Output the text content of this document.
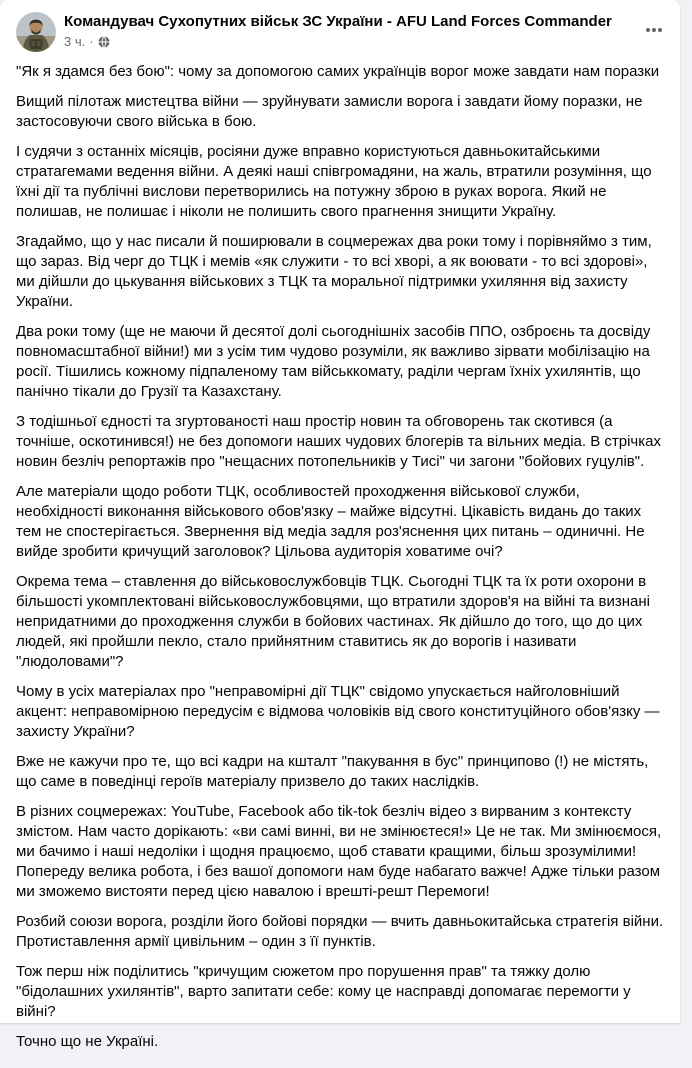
Командувач Сухопутних військ ЗС України - AFU Land Forces Commander
3 ч. ·

"Як я здамся без бою": чому за допомогою самих українців ворог може завдати нам поразки

Вищий пілотаж мистецтва війни — зруйнувати замисли ворога і завдати йому поразки, не застосовуючи свого війська в бою.

І судячи з останніх місяців, росіяни дуже вправно користуються давньокитайськими стратагемами ведення війни. А деякі наші співгромадяни, на жаль, втратили розуміння, що їхні дії та публічні вислови перетворились на потужну зброю в руках ворога. Який не полишав, не полишає і ніколи не полишить свого прагнення знищити Україну.

Згадаймо, що у нас писали й поширювали в соцмережах два роки тому і порівняймо з тим, що зараз. Від черг до ТЦК і мемів «як служити - то всі хворі, а як воювати - то всі здорові», ми дійшли до цькування військових з ТЦК та моральної підтримки ухиляння від захисту України.

Два роки тому (ще не маючи й десятої долі сьогоднішніх засобів ППО, озброєнь та досвіду повномасштабної війни!) ми з усім тим чудово розуміли, як важливо зірвати мобілізацію на росії. Тішились кожному підпаленому там військкомату, раділи чергам їхніх ухилянтів, що панічно тікали до Грузії та Казахстану.

З тодішньої єдності та згуртованості наш простір новин та обговорень так скотився (а точніше, оскотинився!) не без допомоги наших чудових блогерів та вільних медіа. В стрічках новин безліч репортажів про "нещасних потопельників у Тисі" чи загони "бойових гуцулів".

Але матеріали щодо роботи ТЦК, особливостей проходження військової служби, необхідності виконання військового обов'язку – майже відсутні. Цікавість видань до таких тем не спостерігається. Звернення від медіа задля роз'яснення цих питань – одиничні. Не вийде зробити кричущий заголовок? Цільова аудиторія ховатиме очі?

Окрема тема – ставлення до військовослужбовців ТЦК. Сьогодні ТЦК та їх роти охорони в більшості укомплектовані військовослужбовцями, що втратили здоров'я на війні та визнані непридатними до проходження служби в бойових частинах. Як дійшло до того, що до цих людей, які пройшли пекло, стало прийнятним ставитись як до ворогів і називати "людоловами"?

Чому в усіх матеріалах про "неправомірні дії ТЦК" свідомо упускається найголовніший акцент: неправомірною передусім є відмова чоловіків від свого конституційного обов'язку — захисту України?

Вже не кажучи про те, що всі кадри на кшталт "пакування в бус" принципово (!) не містять, що саме в поведінці героїв матеріалу призвело до таких наслідків.

В різних соцмережах: YouTube, Facebook або tik-tok безліч відео з вирваним з контексту змістом. Нам часто дорікають: «ви самі винні, ви не змінюєтеся!» Це не так. Ми змінюємося, ми бачимо і наші недоліки і щодня працюємо, щоб ставати кращими, більш зрозумілими! Попереду велика робота, і без вашої допомоги нам буде набагато важче! Адже тільки разом ми зможемо вистояти перед цією навалою і врешті-решт Перемоги!

Розбий союзи ворога, розділи його бойові порядки — вчить давньокитайська стратегія війни. Протиставлення армії цивільним – один з її пунктів.

Тож перш ніж поділитись "кричущим сюжетом про порушення прав" та тяжку долю "бідолашних ухилянтів", варто запитати себе: кому це насправді допомагає перемогти у війні?

Точно що не Україні.
